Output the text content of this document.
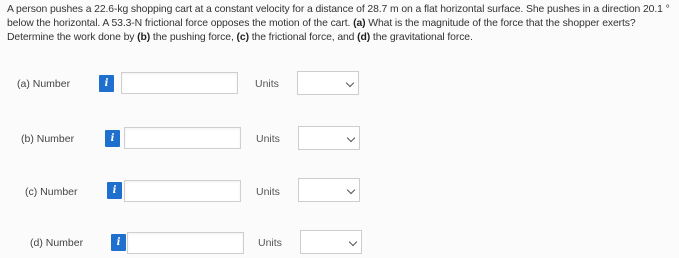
A person pushes a 22.6-kg shopping cart at a constant velocity for a distance of 28.7 m on a flat horizontal surface. She pushes in a direction 20.1 ° below the horizontal. A 53.3-N frictional force opposes the motion of the cart. (a) What is the magnitude of the force that the shopper exerts? Determine the work done by (b) the pushing force, (c) the frictional force, and (d) the gravitational force.
(a) Number	i	Units
(b) Number	i	Units
(c) Number	i	Units
(d) Number	i	Units
